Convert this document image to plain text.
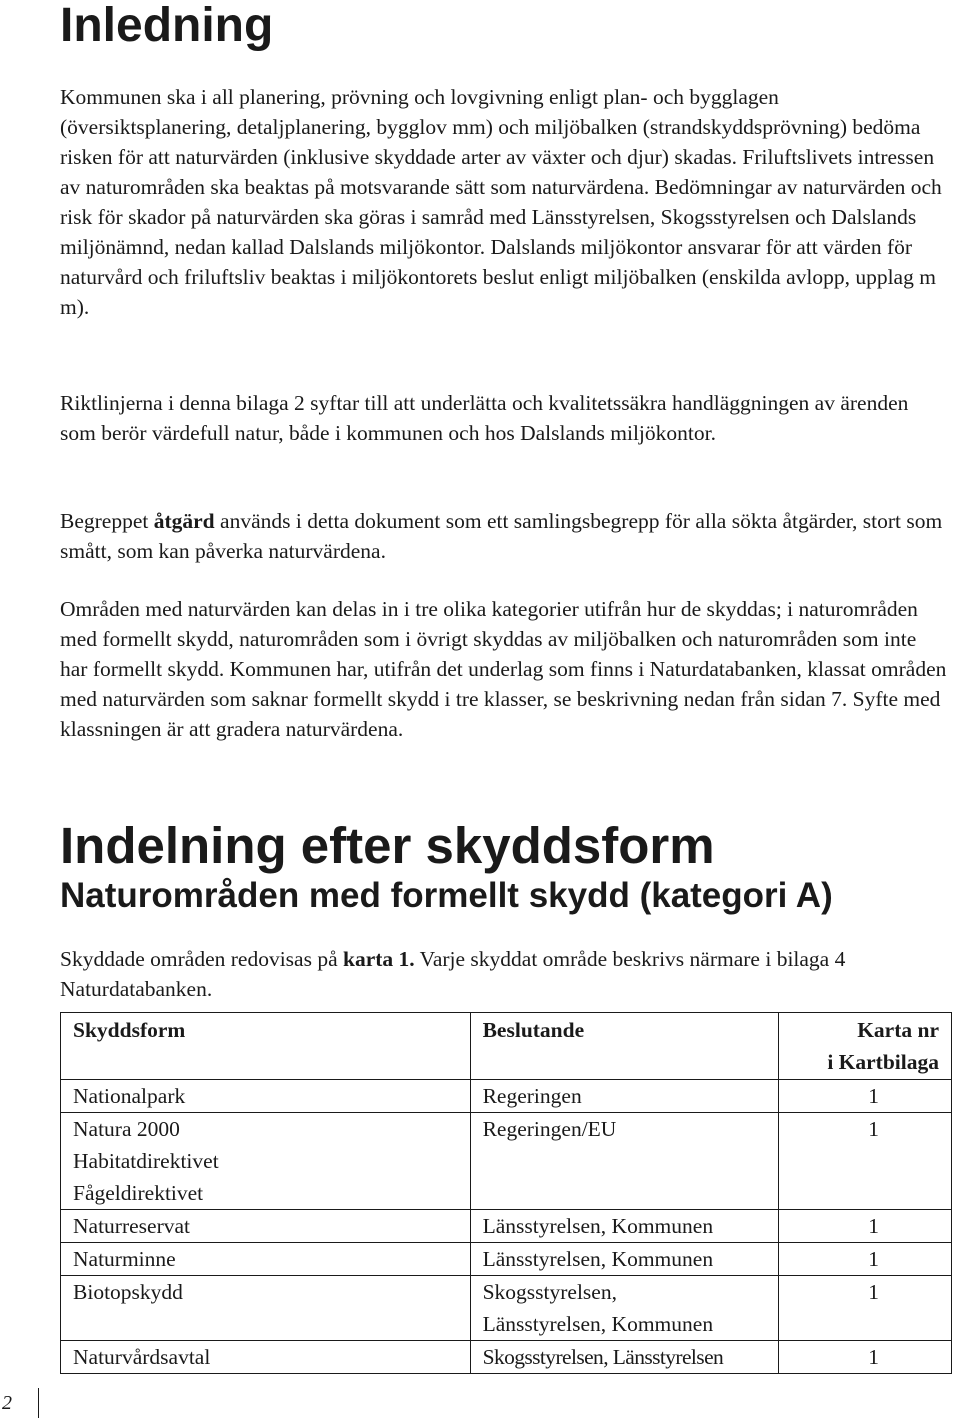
Inledning

Kommunen ska i all planering, prövning och lovgivning enligt plan- och bygglagen (översiktsplanering, detaljplanering, bygglov mm) och miljöbalken (strandskyddsprövning) bedöma risken för att naturvärden (inklusive skyddade arter av växter och djur) skadas. Friluftslivets intressen av naturområden ska beaktas på motsvarande sätt som naturvärdena. Bedömningar av naturvärden och risk för skador på naturvärden ska göras i samråd med Länsstyrelsen, Skogsstyrelsen och Dalslands miljönämnd, nedan kallad Dalslands miljökontor. Dalslands miljökontor ansvarar för att värden för naturvård och friluftsliv beaktas i miljökontorets beslut enligt miljöbalken (enskilda avlopp, upplag m m).

Riktlinjerna i denna bilaga 2 syftar till att underlätta och kvalitetssäkra handläggningen av ärenden som berör värdefull natur, både i kommunen och hos Dalslands miljökontor.

Begreppet åtgärd används i detta dokument som ett samlingsbegrepp för alla sökta åtgärder, stort som smått, som kan påverka naturvärdena.

Områden med naturvärden kan delas in i tre olika kategorier utifrån hur de skyddas; i naturområden med formellt skydd, naturområden som i övrigt skyddas av miljöbalken och naturområden som inte har formellt skydd. Kommunen har, utifrån det underlag som finns i Naturdatabanken, klassat områden med naturvärden som saknar formellt skydd i tre klasser, se beskrivning nedan från sidan 7. Syfte med klassningen är att gradera naturvärdena.

Indelning efter skyddsform
Naturområden med formellt skydd (kategori A)

Skyddade områden redovisas på karta 1. Varje skyddat område beskrivs närmare i bilaga 4 Naturdatabanken.

Skyddsform	Beslutande	Karta nr
i Kartbilaga

Nationalpark	Regeringen	1

Natura 2000
Habitatdirektivet
Fågeldirektivet	Regeringen/EU	1
Naturreservat	Länsstyrelsen, Kommunen	1
Naturminne	Länsstyrelsen, Kommunen	1
Biotopskydd	Skogsstyrelsen,
Länsstyrelsen, Kommunen	1
Naturvårdsavtal	Skogsstyrelsen, Länsstyrelsen	1
2
